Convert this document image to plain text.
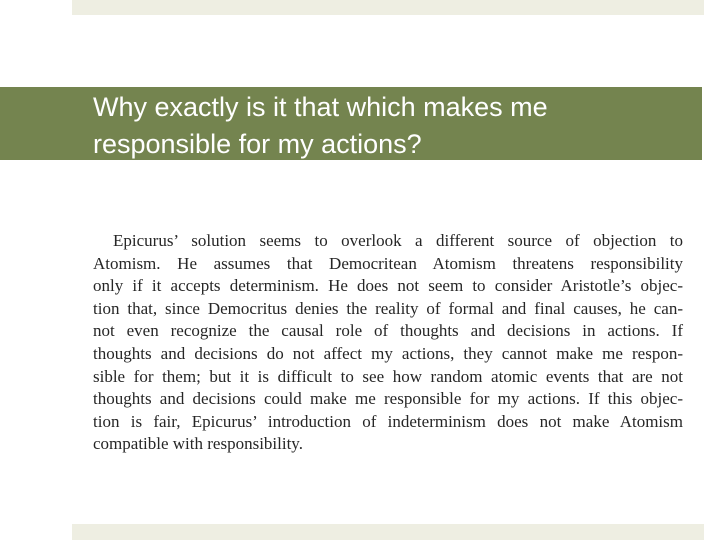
Why exactly is it that which makes me responsible for my actions?
Epicurus’ solution seems to overlook a different source of objection to
Atomism. He assumes that Democritean Atomism threatens responsibility
only if it accepts determinism. He does not seem to consider Aristotle’s objec-
tion that, since Democritus denies the reality of formal and final causes, he can-
not even recognize the causal role of thoughts and decisions in actions. If
thoughts and decisions do not affect my actions, they cannot make me respon-
sible for them; but it is difficult to see how random atomic events that are not
thoughts and decisions could make me responsible for my actions. If this objec-
tion is fair, Epicurus’ introduction of indeterminism does not make Atomism
compatible with responsibility.
